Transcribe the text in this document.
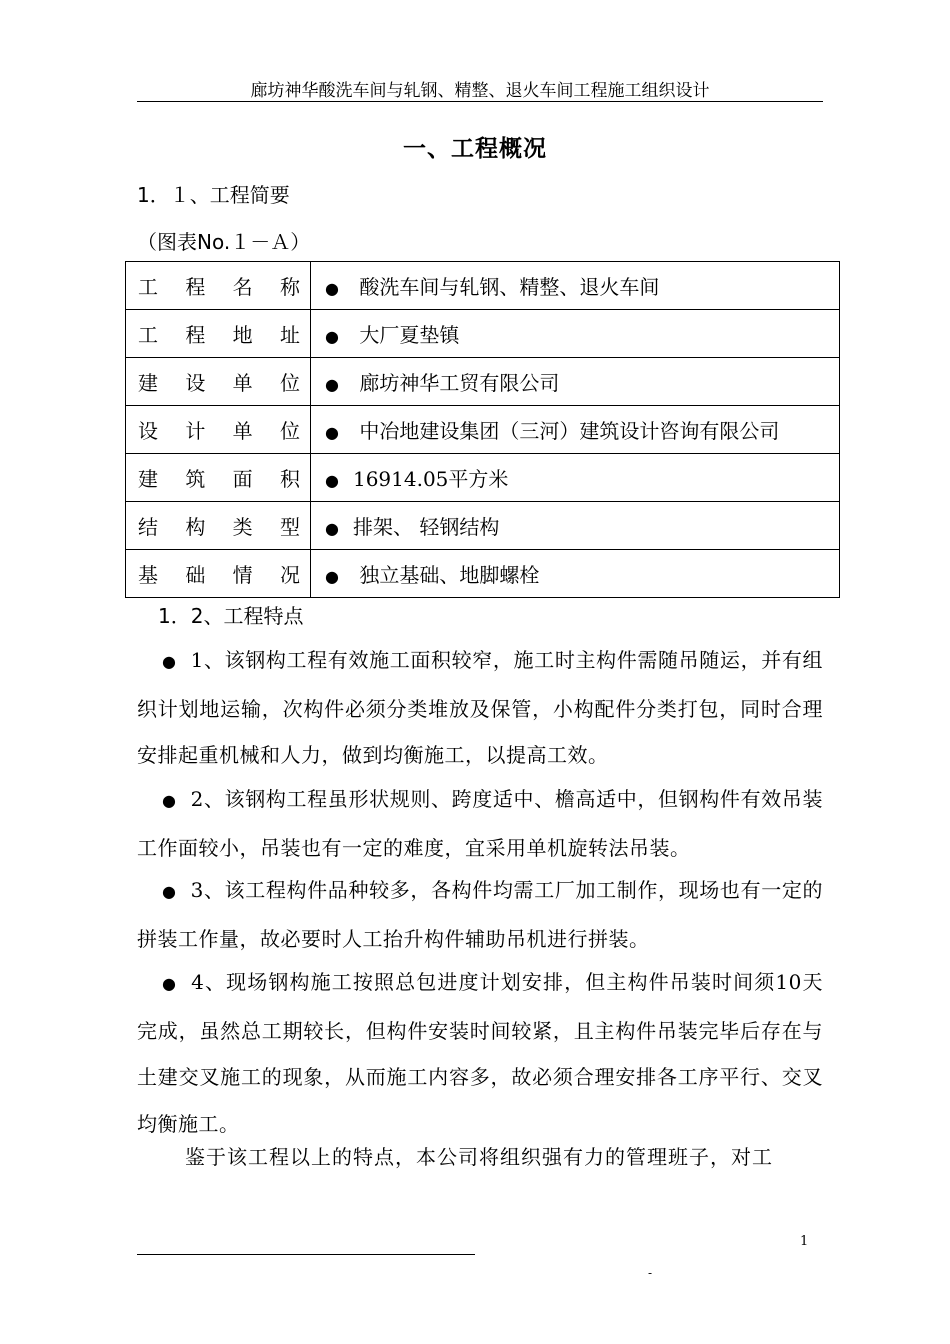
廊坊神华酸洗车间与轧钢、精整、退火车间工程施工组织设计
一、工程概况
1．１、工程简要
（图表No.１－Ａ）
工 程 名 称	● 酸洗车间与轧钢、精整、退火车间

工 程 地 址	● 大厂夏垫镇

建 设 单 位	● 廊坊神华工贸有限公司

设 计 单 位	● 中冶地建设集团（三河）建筑设计咨询有限公司

建 筑 面 积	● 16914.05平方米

结 构 类 型	● 排架、 轻钢结构

基 础 情 况	● 独立基础、地脚螺栓
1．2、工程特点
● 1、该钢构工程有效施工面积较窄，施工时主构件需随吊随运，并有组织计划地运输，次构件必须分类堆放及保管，小构配件分类打包，同时合理安排起重机械和人力，做到均衡施工，以提高工效。
● 2、该钢构工程虽形状规则、跨度适中、檐高适中，但钢构件有效吊装工作面较小，吊装也有一定的难度，宜采用单机旋转法吊装。
● 3、该工程构件品种较多，各构件均需工厂加工制作，现场也有一定的拼装工作量，故必要时人工抬升构件辅助吊机进行拼装。
● 4、现场钢构施工按照总包进度计划安排，但主构件吊装时间须10天完成，虽然总工期较长，但构件安装时间较紧，且主构件吊装完毕后存在与土建交叉施工的现象，从而施工内容多，故必须合理安排各工序平行、交叉均衡施工。
鉴于该工程以上的特点，本公司将组织强有力的管理班子，对工
1
-
